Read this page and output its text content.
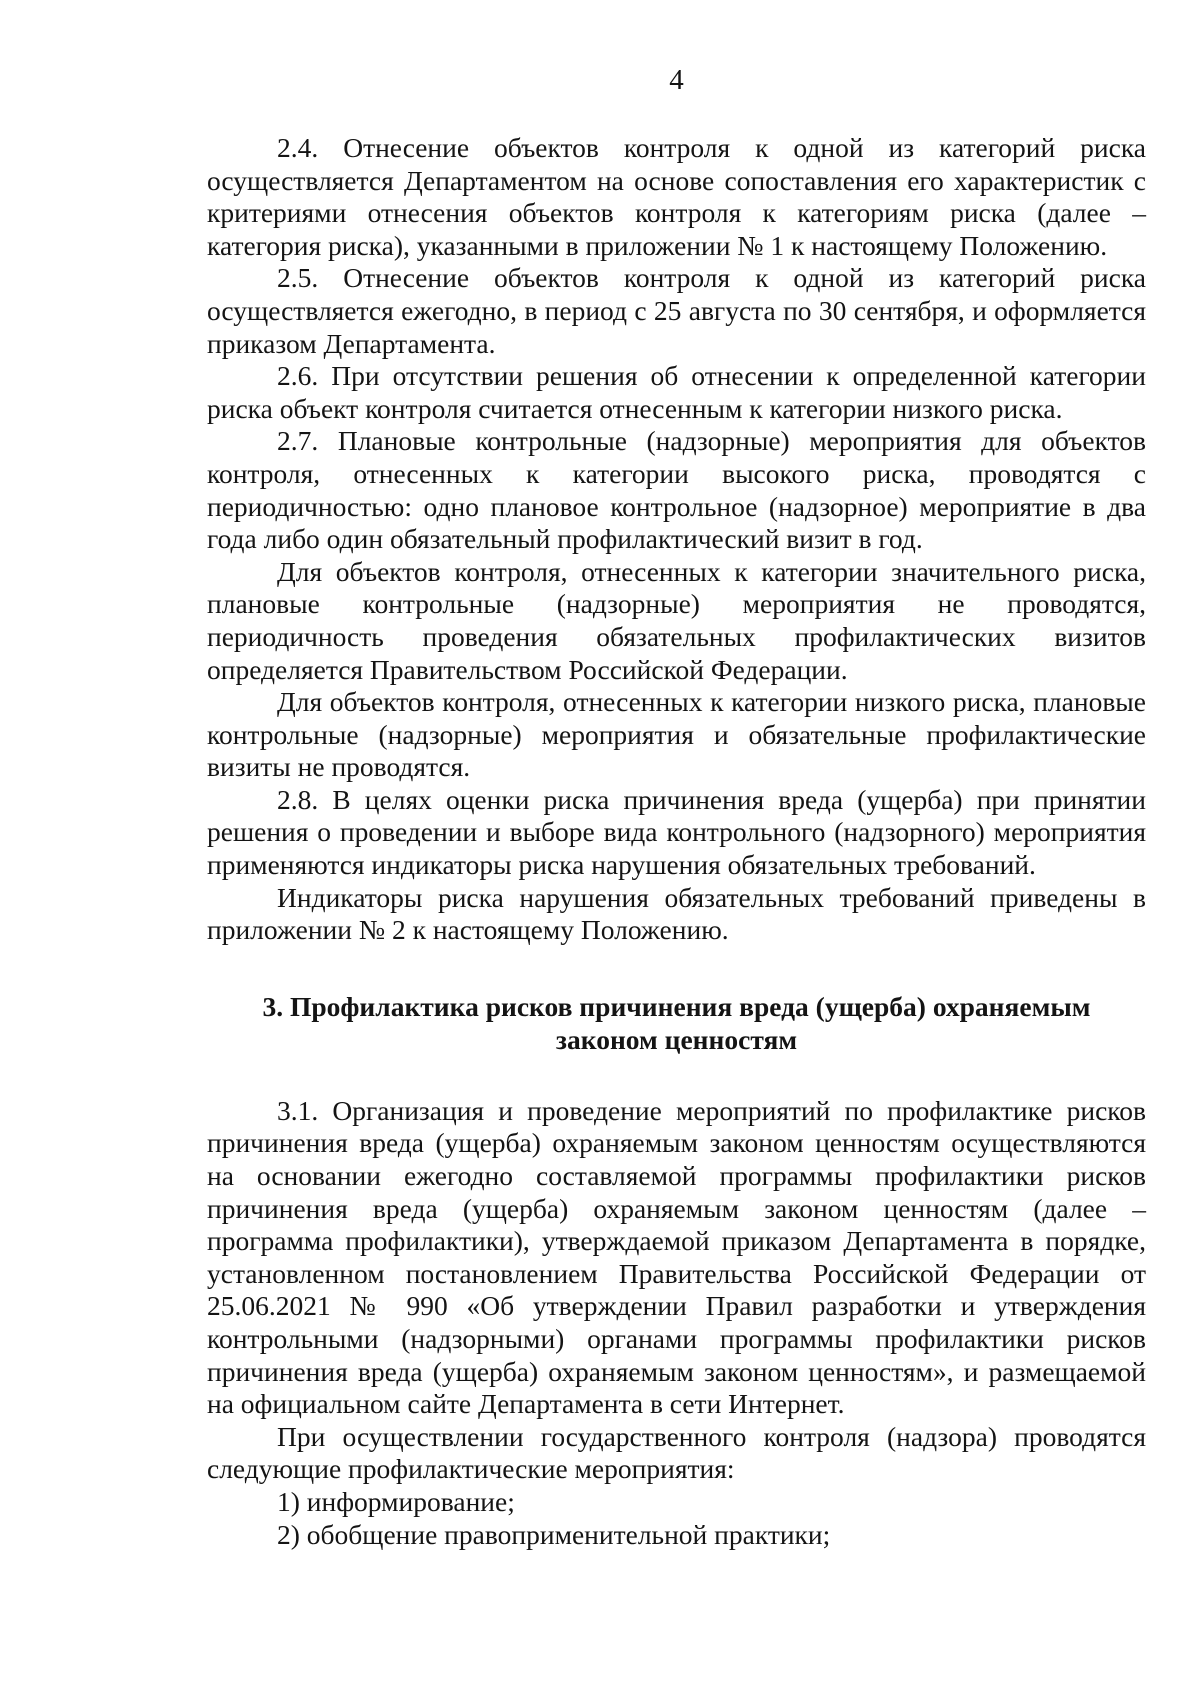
4

2.4. Отнесение объектов контроля к одной из категорий риска осуществляется Департаментом на основе сопоставления его характеристик с критериями отнесения объектов контроля к категориям риска (далее – категория риска), указанными в приложении № 1 к настоящему Положению.

2.5. Отнесение объектов контроля к одной из категорий риска осуществляется ежегодно, в период с 25 августа по 30 сентября, и оформляется приказом Департамента.

2.6. При отсутствии решения об отнесении к определенной категории риска объект контроля считается отнесенным к категории низкого риска.

2.7. Плановые контрольные (надзорные) мероприятия для объектов контроля, отнесенных к категории высокого риска, проводятся с периодичностью: одно плановое контрольное (надзорное) мероприятие в два года либо один обязательный профилактический визит в год.

Для объектов контроля, отнесенных к категории значительного риска, плановые контрольные (надзорные) мероприятия не проводятся, периодичность проведения обязательных профилактических визитов определяется Правительством Российской Федерации.

Для объектов контроля, отнесенных к категории низкого риска, плановые контрольные (надзорные) мероприятия и обязательные профилактические визиты не проводятся.

2.8. В целях оценки риска причинения вреда (ущерба) при принятии решения о проведении и выборе вида контрольного (надзорного) мероприятия применяются индикаторы риска нарушения обязательных требований.

Индикаторы риска нарушения обязательных требований приведены в приложении № 2 к настоящему Положению.

3. Профилактика рисков причинения вреда (ущерба) охраняемым
законом ценностям

3.1. Организация и проведение мероприятий по профилактике рисков причинения вреда (ущерба) охраняемым законом ценностям осуществляются на основании ежегодно составляемой программы профилактики рисков причинения вреда (ущерба) охраняемым законом ценностям (далее – программа профилактики), утверждаемой приказом Департамента в порядке, установленном постановлением Правительства Российской Федерации от 25.06.2021 № 990 «Об утверждении Правил разработки и утверждения контрольными (надзорными) органами программы профилактики рисков причинения вреда (ущерба) охраняемым законом ценностям», и размещаемой на официальном сайте Департамента в сети Интернет.

При осуществлении государственного контроля (надзора) проводятся следующие профилактические мероприятия:

1) информирование;

2) обобщение правоприменительной практики;
